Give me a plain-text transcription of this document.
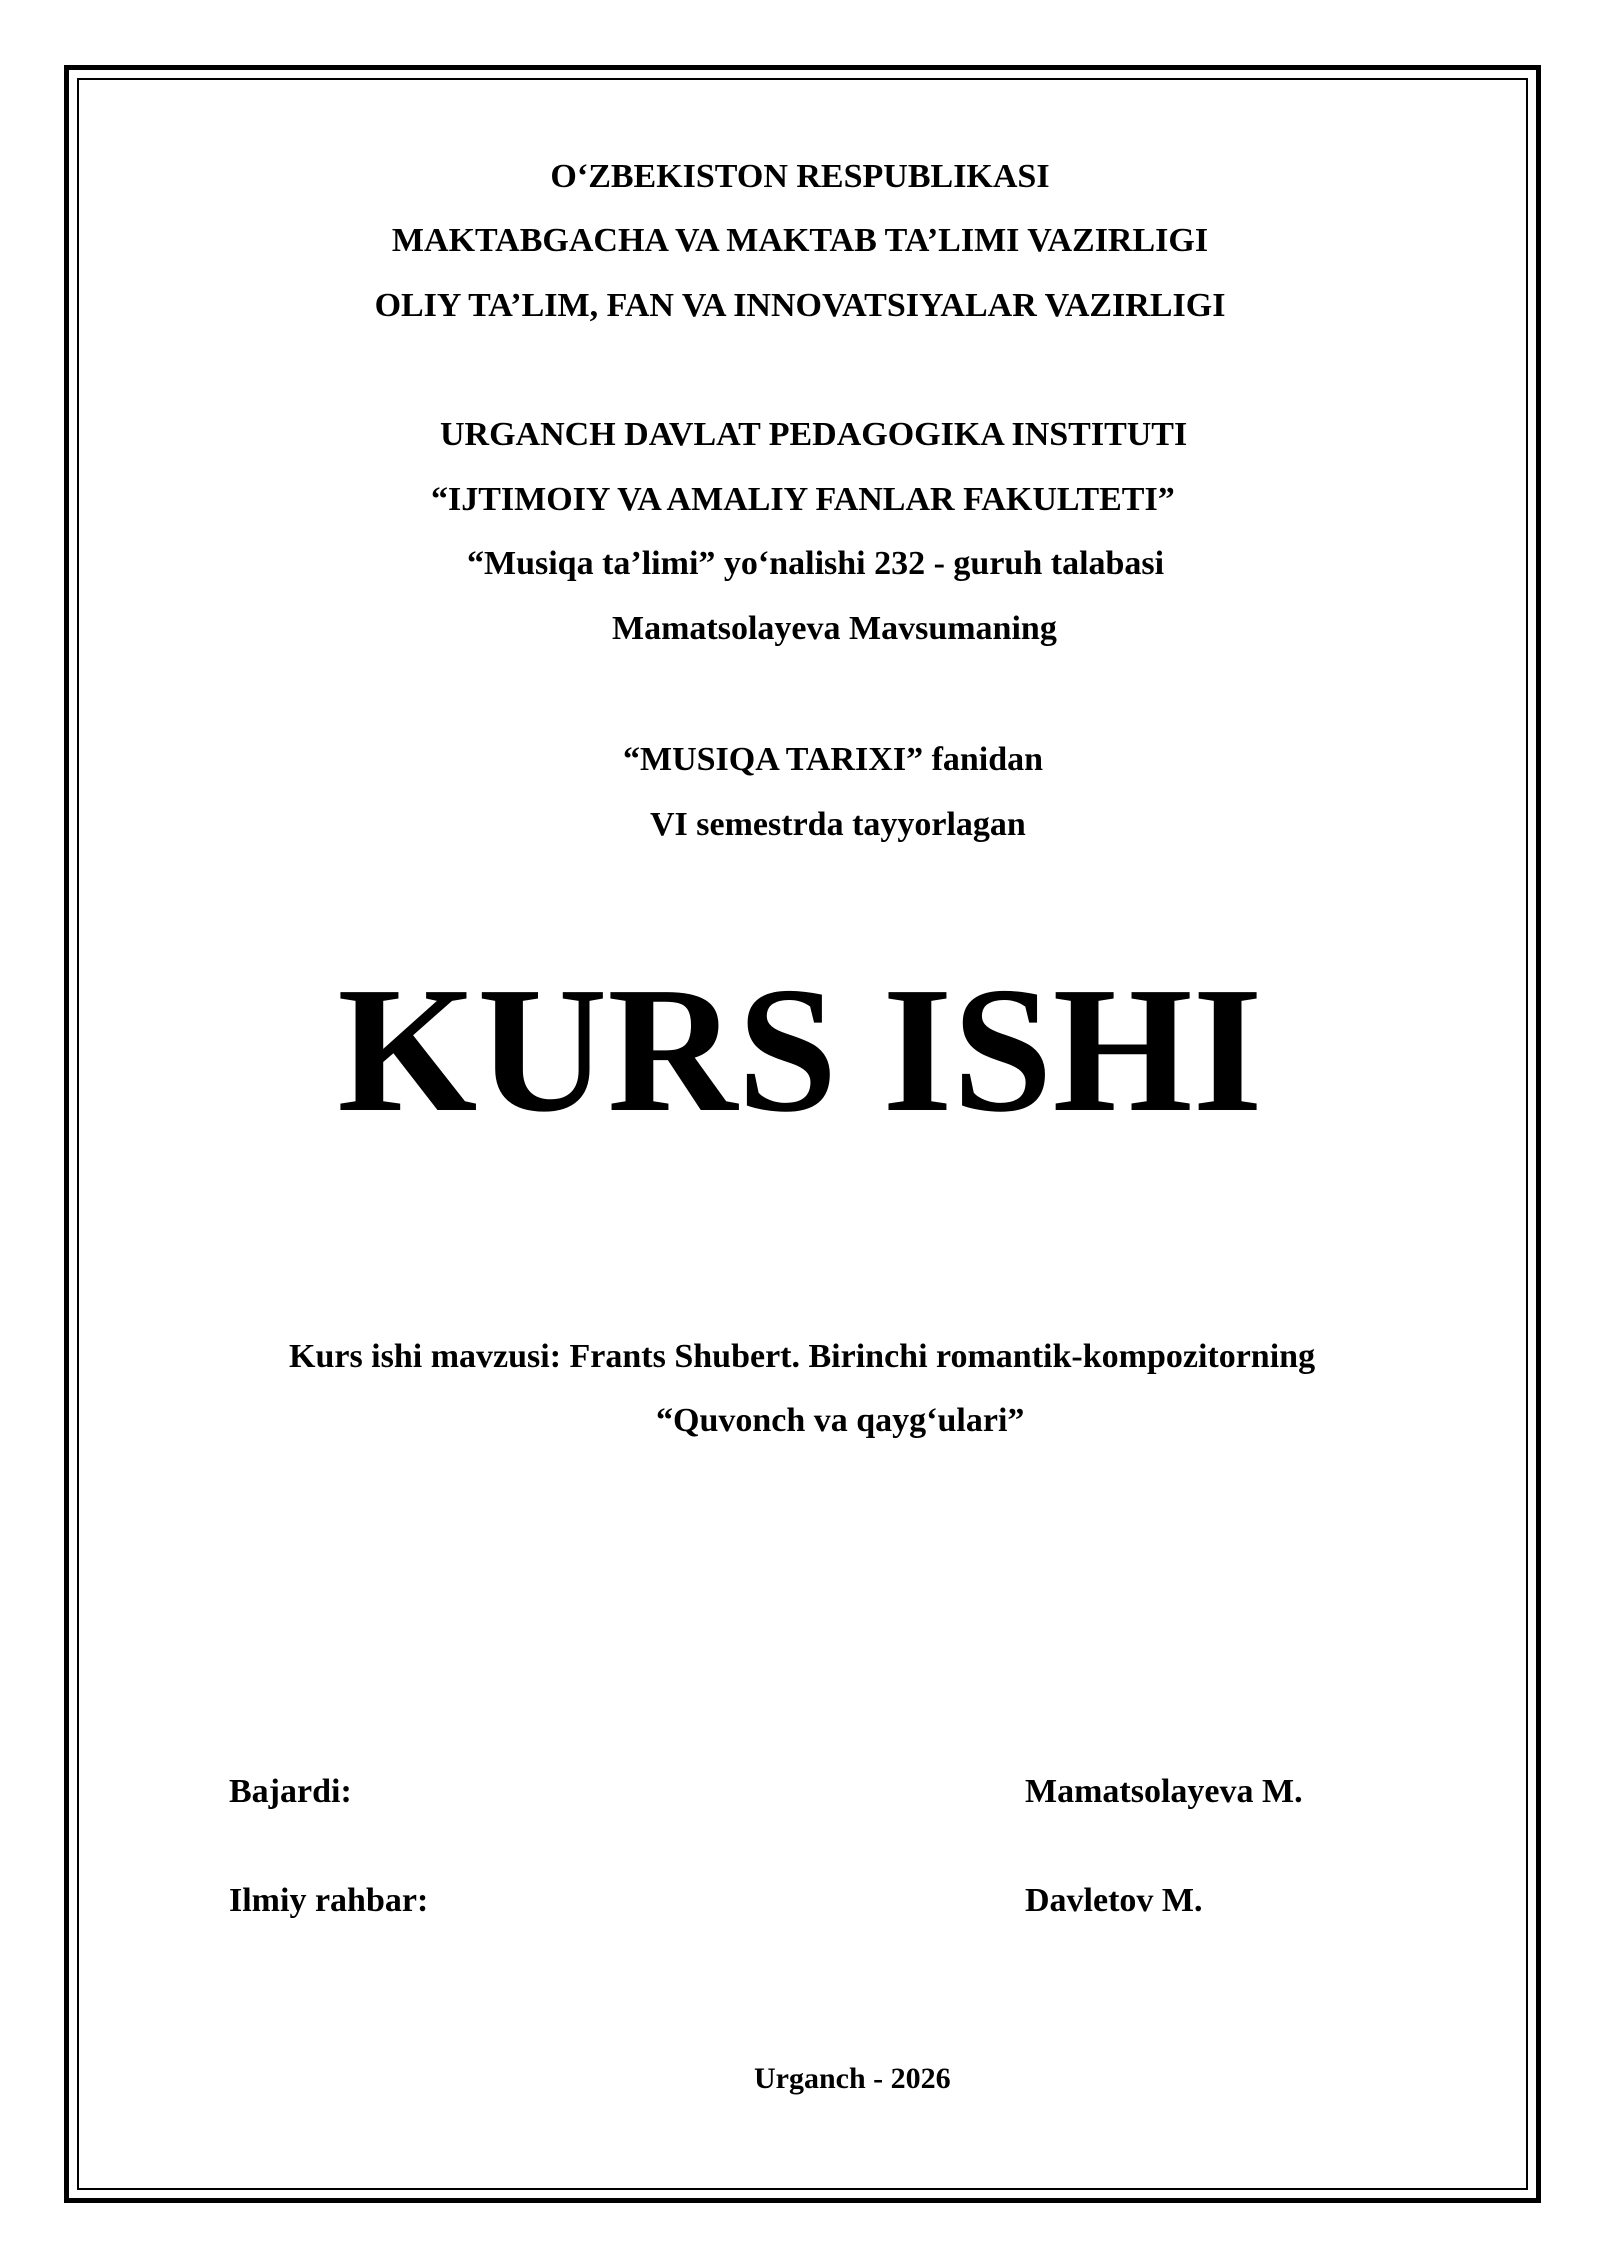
O‘ZBEKISTON RESPUBLIKASI
MAKTABGACHA VA MAKTAB TA’LIMI VAZIRLIGI
OLIY TA’LIM, FAN VA INNOVATSIYALAR VAZIRLIGI
URGANCH DAVLAT PEDAGOGIKA INSTITUTI
“IJTIMOIY VA AMALIY FANLAR FAKULTETI”
“Musiqa ta’limi” yo‘nalishi 232 - guruh talabasi
Mamatsolayeva Mavsumaning
“MUSIQA TARIXI” fanidan
VI semestrda tayyorlagan
KURS ISHI
Kurs ishi mavzusi: Frants Shubert. Birinchi romantik-kompozitorning
“Quvonch va qayg‘ulari”
Bajardi:	Mamatsolayeva M.
Ilmiy rahbar:	Davletov M.
Urganch - 2026
